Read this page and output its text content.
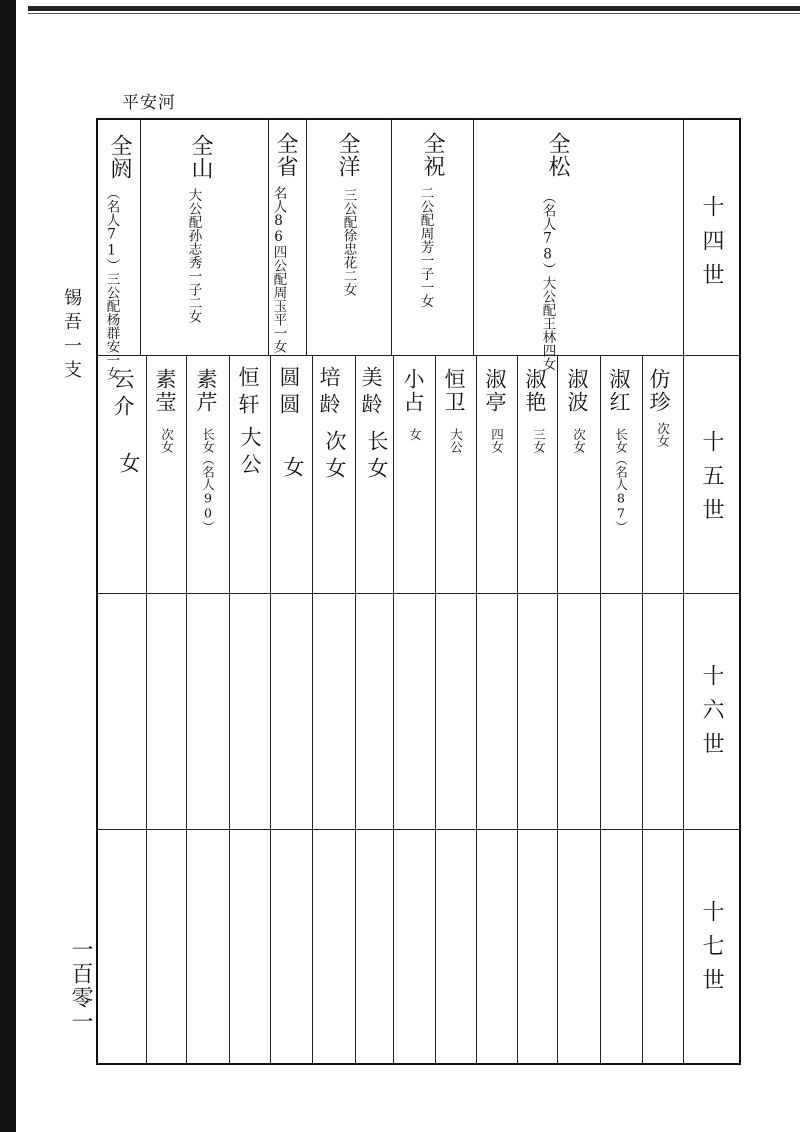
平安河
锡吾一支
一百零一
十四世
十五世
十六世
十七世
全松
（名人78）大公配王林四女
全祝
二公配周芳一子一女
全洋
三公配徐忠花二女
全省
名人86四公配周玉平一女
全山
大公配孙志秀一子二女
全阏
（名人71）三公配杨群安一女
仿珍
次女
淑红
长女（名人87）
淑波
次女
淑艳
三女
淑亭
四女
恒卫
大公
小占
女
美龄
长女
培龄
次女
圆圆
女
恒轩
大公
素芹
长女（名人90）
素莹
次女
云介
女
